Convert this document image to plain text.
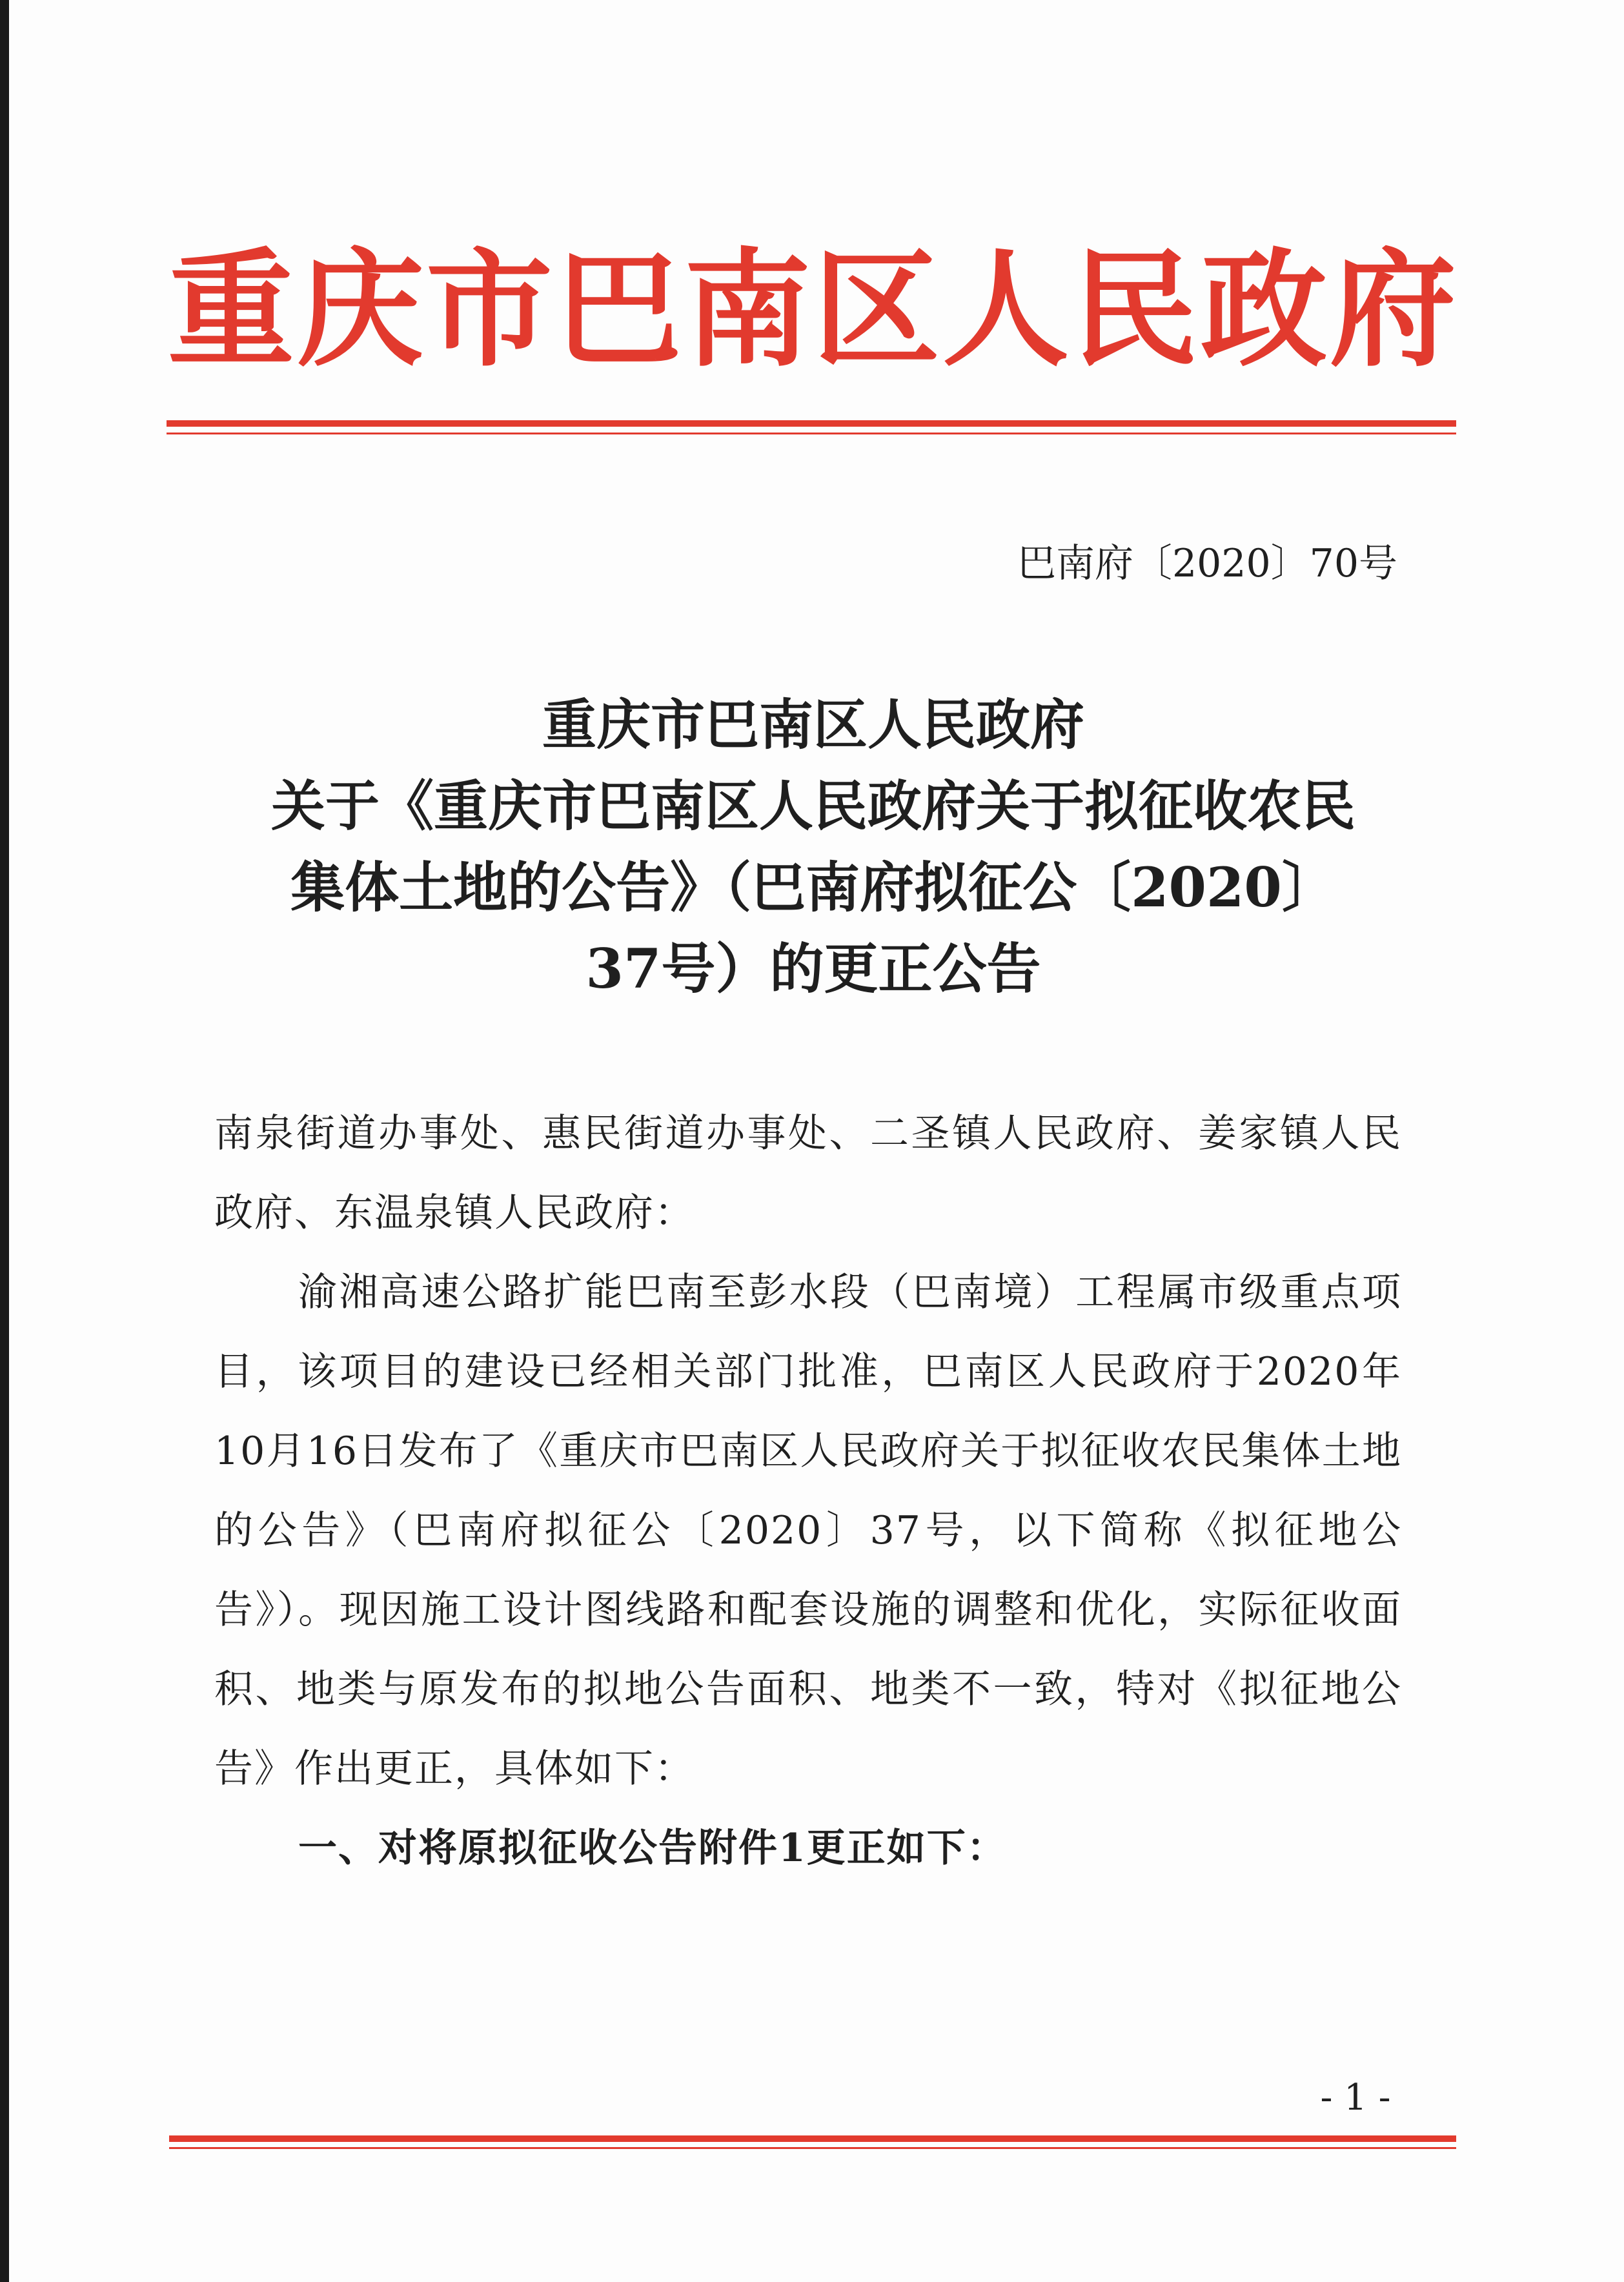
重庆市巴南区人民政府
巴南府〔2020〕70号
重庆市巴南区人民政府
关于《重庆市巴南区人民政府关于拟征收农民
集体土地的公告》（巴南府拟征公〔2020〕
37号）的更正公告

南泉街道办事处、惠民街道办事处、二圣镇人民政府、姜家镇人民政府、东温泉镇人民政府：

渝湘高速公路扩能巴南至彭水段（巴南境）工程属市级重点项目，该项目的建设已经相关部门批准，巴南区人民政府于2020年10月16日发布了《重庆市巴南区人民政府关于拟征收农民集体土地的公告》（巴南府拟征公〔2020〕37号，以下简称《拟征地公告》）。现因施工设计图线路和配套设施的调整和优化，实际征收面积、地类与原发布的拟地公告面积、地类不一致，特对《拟征地公告》作出更正，具体如下：

一、对将原拟征收公告附件1更正如下：

- 1 -
